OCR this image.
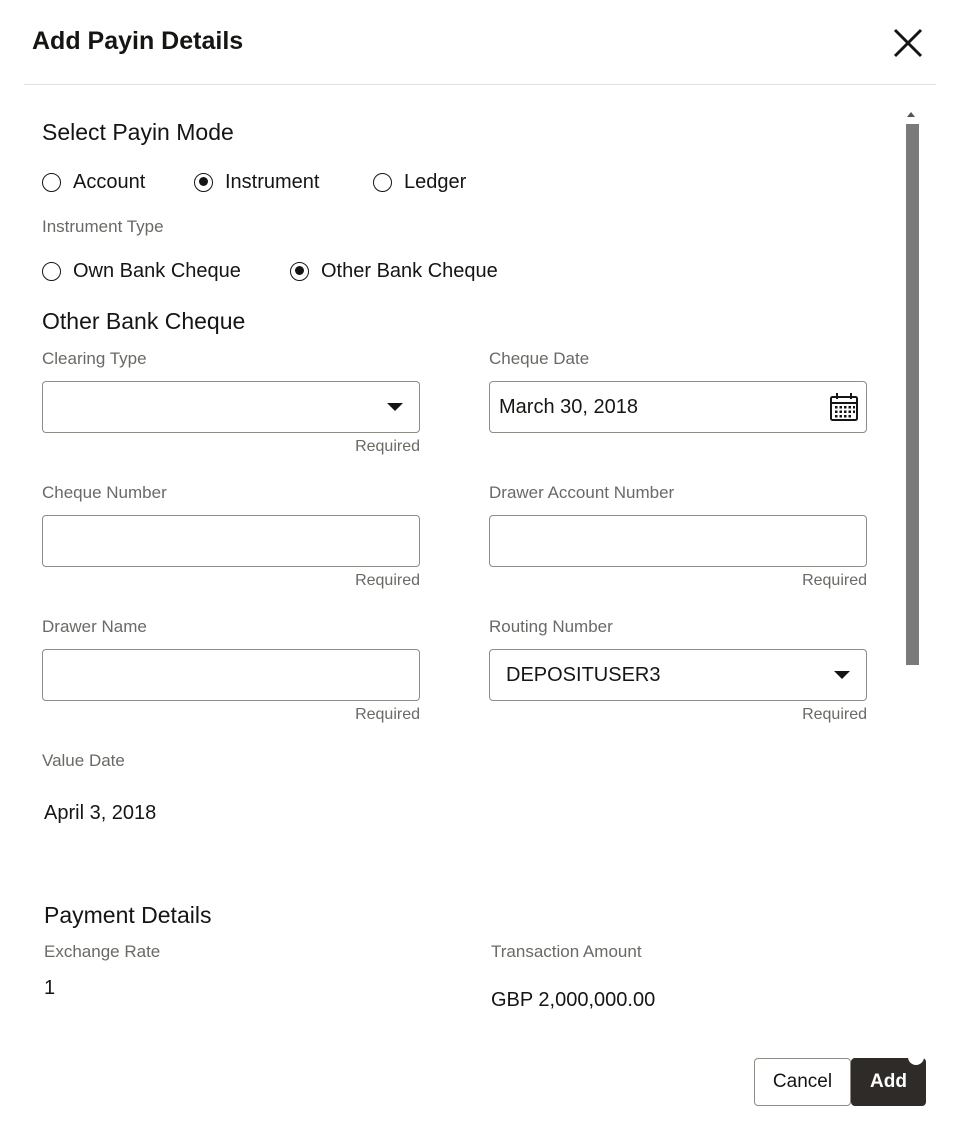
Add Payin Details
Select Payin Mode
Account	Instrument	Ledger
Instrument Type
Own Bank Cheque	Other Bank Cheque
Other Bank Cheque
Clearing Type
Required
Cheque Date
March 30, 2018
Cheque Number
Required
Drawer Account Number
Required
Drawer Name
Required
Routing Number
DEPOSITUSER3
Required
Value Date
April 3, 2018
Payment Details
Exchange Rate
1
Transaction Amount
GBP 2,000,000.00
Cancel	Add
